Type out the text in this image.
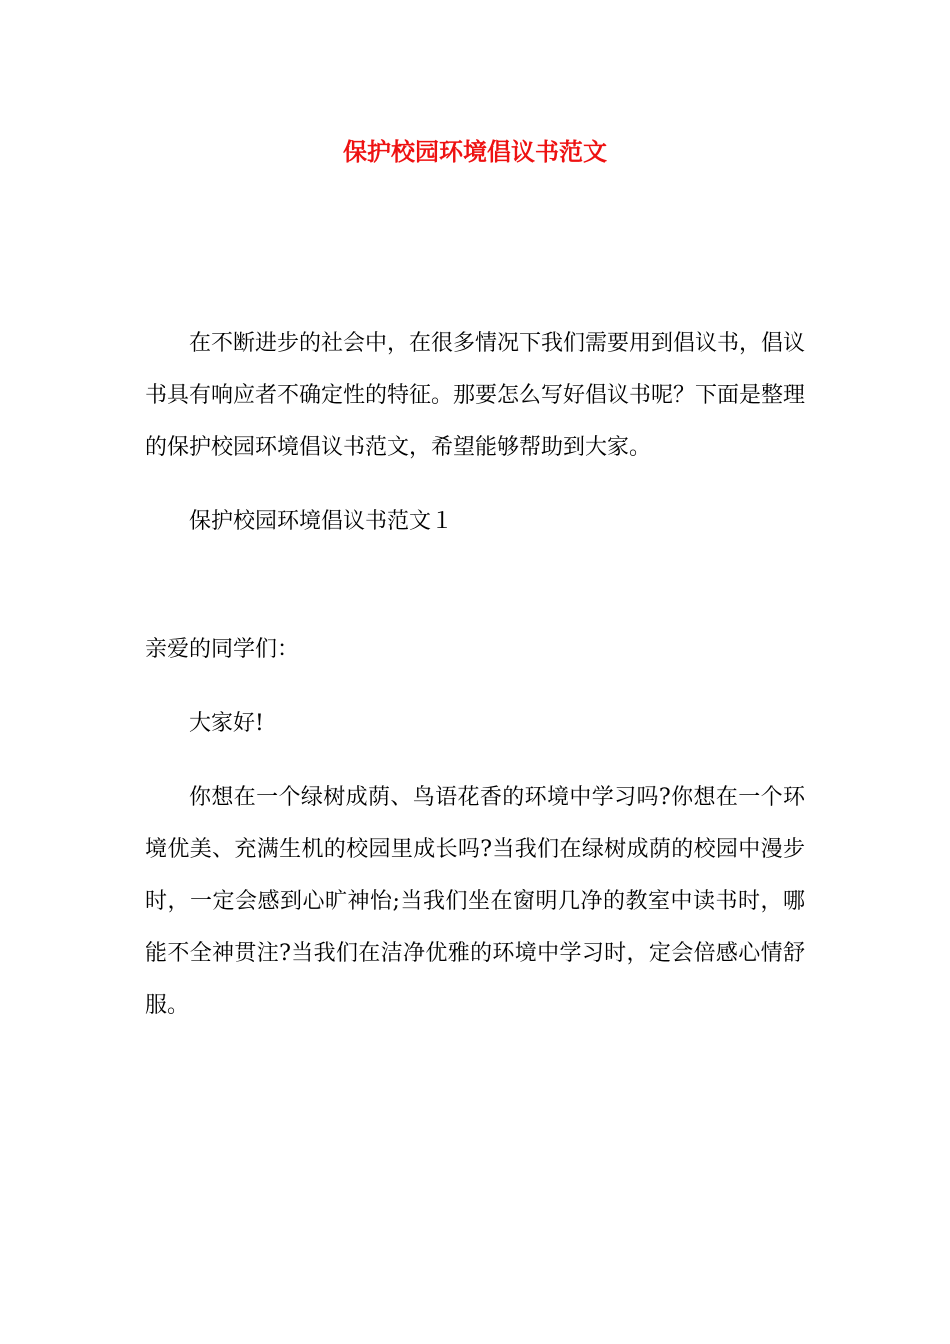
保护校园环境倡议书范文

在不断进步的社会中，在很多情况下我们需要用到倡议书，倡议书具有响应者不确定性的特征。那要怎么写好倡议书呢？下面是整理的保护校园环境倡议书范文，希望能够帮助到大家。

保护校园环境倡议书范文１

亲爱的同学们：

大家好!

你想在一个绿树成荫、鸟语花香的环境中学习吗?你想在一个环境优美、充满生机的校园里成长吗?当我们在绿树成荫的校园中漫步时，一定会感到心旷神怡;当我们坐在窗明几净的教室中读书时，哪能不全神贯注?当我们在洁净优雅的环境中学习时，定会倍感心情舒服。
